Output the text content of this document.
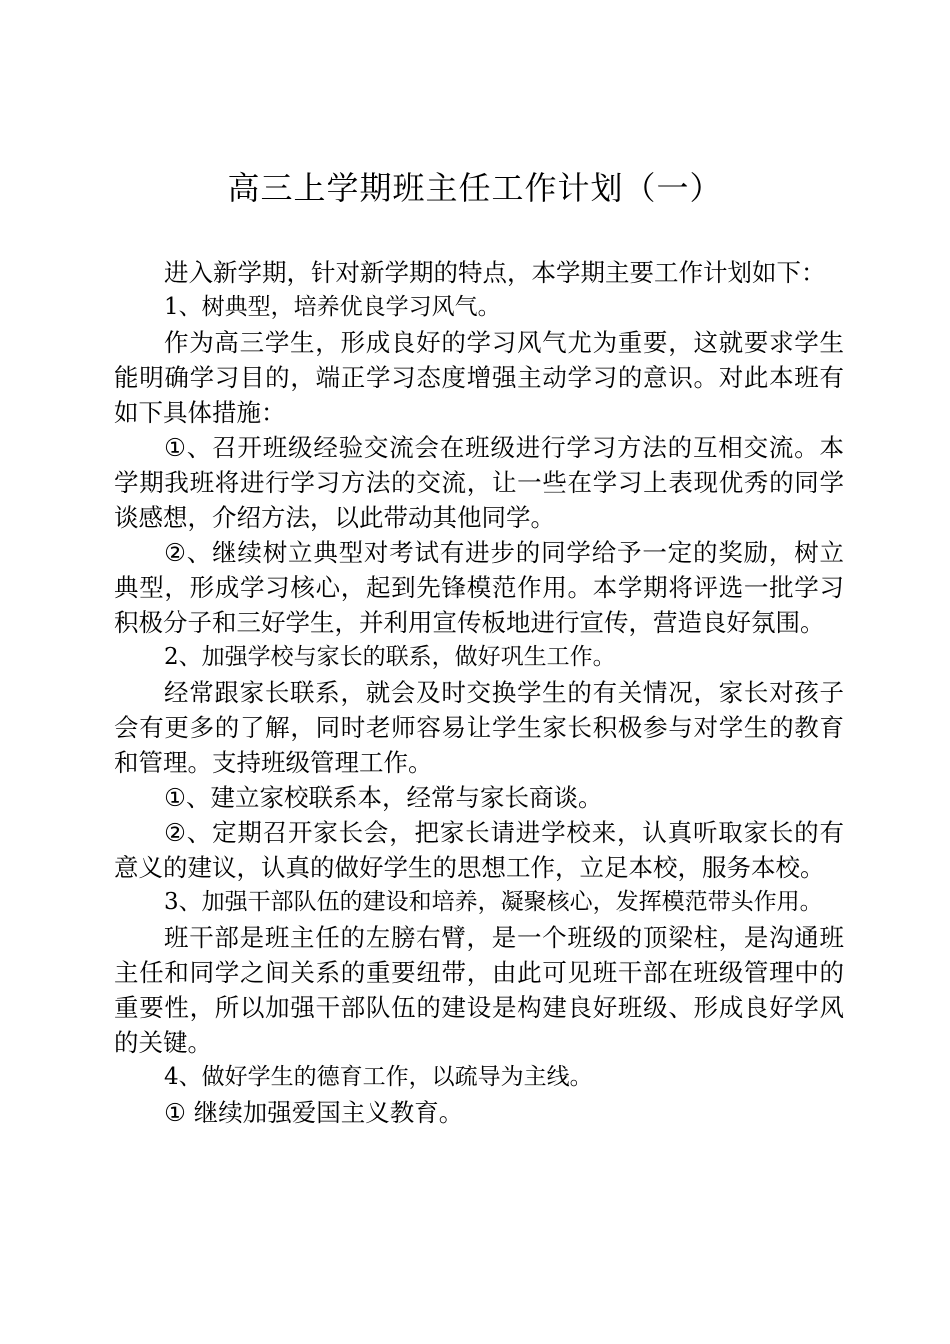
高三上学期班主任工作计划（一）

进入新学期，针对新学期的特点，本学期主要工作计划如下：

1、树典型，培养优良学习风气。

作为高三学生，形成良好的学习风气尤为重要，这就要求学生能明确学习目的，端正学习态度增强主动学习的意识。对此本班有如下具体措施：

①、召开班级经验交流会在班级进行学习方法的互相交流。本学期我班将进行学习方法的交流，让一些在学习上表现优秀的同学谈感想，介绍方法，以此带动其他同学。

②、继续树立典型对考试有进步的同学给予一定的奖励，树立典型，形成学习核心，起到先锋模范作用。本学期将评选一批学习积极分子和三好学生，并利用宣传板地进行宣传，营造良好氛围。

2、加强学校与家长的联系，做好巩生工作。

经常跟家长联系，就会及时交换学生的有关情况，家长对孩子会有更多的了解，同时老师容易让学生家长积极参与对学生的教育和管理。支持班级管理工作。

①、建立家校联系本，经常与家长商谈。

②、定期召开家长会，把家长请进学校来，认真听取家长的有意义的建议，认真的做好学生的思想工作，立足本校，服务本校。

3、加强干部队伍的建设和培养，凝聚核心，发挥模范带头作用。

班干部是班主任的左膀右臂，是一个班级的顶梁柱，是沟通班主任和同学之间关系的重要纽带，由此可见班干部在班级管理中的重要性，所以加强干部队伍的建设是构建良好班级、形成良好学风的关键。

4、做好学生的德育工作，以疏导为主线。

① 继续加强爱国主义教育。
